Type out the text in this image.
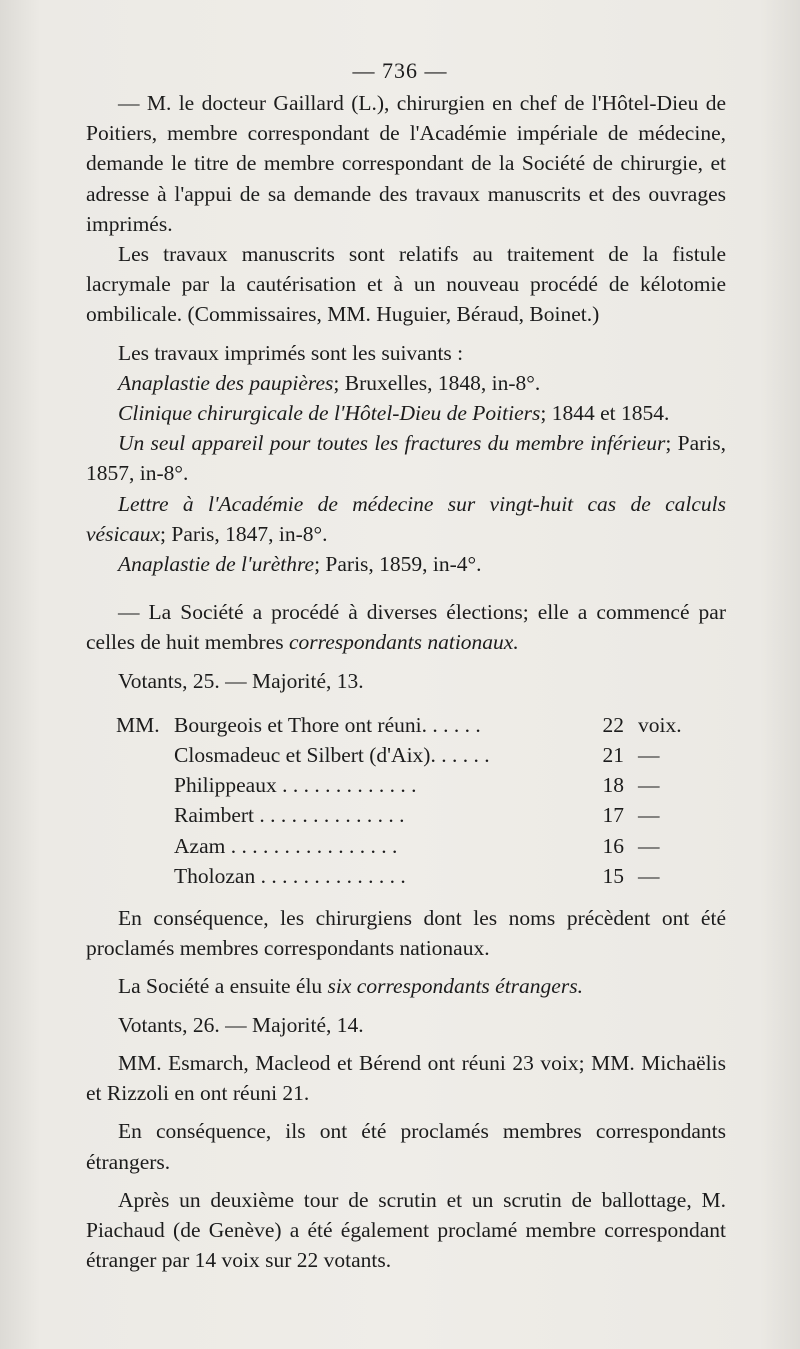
— 736 —

— M. le docteur Gaillard (L.), chirurgien en chef de l'Hôtel-Dieu de Poitiers, membre correspondant de l'Académie impériale de médecine, demande le titre de membre correspondant de la Société de chirurgie, et adresse à l'appui de sa demande des travaux manuscrits et des ouvrages imprimés.

Les travaux manuscrits sont relatifs au traitement de la fistule lacrymale par la cautérisation et à un nouveau procédé de kélotomie ombilicale. (Commissaires, MM. Huguier, Béraud, Boinet.)

Les travaux imprimés sont les suivants :

Anaplastie des paupières; Bruxelles, 1848, in-8°.

Clinique chirurgicale de l'Hôtel-Dieu de Poitiers; 1844 et 1854.

Un seul appareil pour toutes les fractures du membre inférieur; Paris, 1857, in-8°.

Lettre à l'Académie de médecine sur vingt-huit cas de calculs vésicaux; Paris, 1847, in-8°.

Anaplastie de l'urèthre; Paris, 1859, in-4°.

— La Société a procédé à diverses élections; elle a commencé par celles de huit membres correspondants nationaux.

Votants, 25. — Majorité, 13.

MM.	Bourgeois et Thore ont réuni. . . . . .	22	voix.
	Closmadeuc et Silbert (d'Aix). . . . . .	21	—
	Philippeaux . . . . . . . . . . . . .	18	—
	Raimbert . . . . . . . . . . . . . .	17	—
	Azam . . . . . . . . . . . . . . . .	16	—
	Tholozan . . . . . . . . . . . . . .	15	—

En conséquence, les chirurgiens dont les noms précèdent ont été proclamés membres correspondants nationaux.

La Société a ensuite élu six correspondants étrangers.

Votants, 26. — Majorité, 14.

MM. Esmarch, Macleod et Bérend ont réuni 23 voix; MM. Michaëlis et Rizzoli en ont réuni 21.

En conséquence, ils ont été proclamés membres correspondants étrangers.

Après un deuxième tour de scrutin et un scrutin de ballottage, M. Piachaud (de Genève) a été également proclamé membre correspondant étranger par 14 voix sur 22 votants.
